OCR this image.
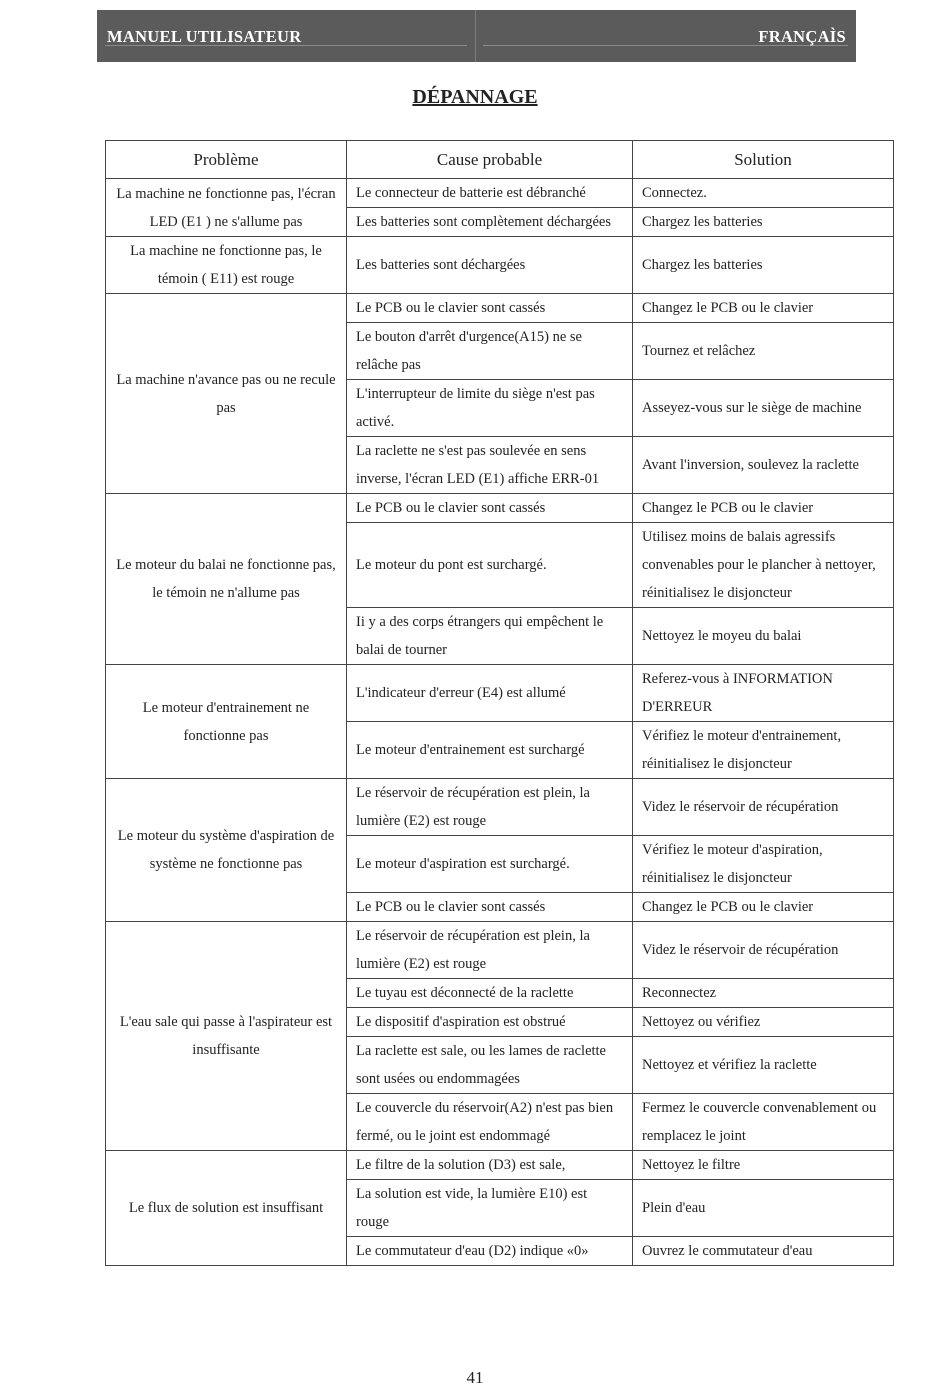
MANUEL UTILISATEUR	FRANÇAÌS
DÉPANNAGE
Problème	Cause probable	Solution
La machine ne fonctionne pas, l'écran LED (E1 ) ne s'allume pas	Le connecteur de batterie est débranché	Connectez.
	Les batteries sont complètement déchargées	Chargez les batteries
La machine ne fonctionne pas, le témoin ( E11) est rouge	Les batteries sont déchargées	Chargez les batteries
La machine n'avance pas ou ne recule pas	Le PCB ou le clavier sont cassés	Changez le PCB ou le clavier
	Le bouton d'arrêt d'urgence(A15) ne se relâche pas	Tournez et relâchez
	L'interrupteur de limite du siège n'est pas activé.	Asseyez-vous sur le siège de machine
	La raclette ne s'est pas soulevée en sens inverse, l'écran LED (E1) affiche ERR-01	Avant l'inversion, soulevez la raclette
Le moteur du balai ne fonctionne pas, le témoin ne n'allume pas	Le PCB ou le clavier sont cassés	Changez le PCB ou le clavier
	Le moteur du pont est surchargé.	Utilisez moins de balais agressifs convenables pour le plancher à nettoyer, réinitialisez le disjoncteur
	Ii y a des corps étrangers qui empêchent le balai de tourner	Nettoyez le moyeu du balai
Le moteur d'entrainement ne fonctionne pas	L'indicateur d'erreur (E4) est allumé	Referez-vous à INFORMATION D'ERREUR
	Le moteur d'entrainement est surchargé	Vérifiez le moteur d'entrainement, réinitialisez le disjoncteur
Le moteur du système d'aspiration de système ne fonctionne pas	Le réservoir de récupération est plein, la lumière (E2) est rouge	Videz le réservoir de récupération
	Le moteur d'aspiration est surchargé.	Vérifiez le moteur d'aspiration, réinitialisez le disjoncteur
	Le PCB ou le clavier sont cassés	Changez le PCB ou le clavier
L'eau sale qui passe à l'aspirateur est insuffisante	Le réservoir de récupération est plein, la lumière (E2) est rouge	Videz le réservoir de récupération
	Le tuyau est déconnecté de la raclette	Reconnectez
	Le dispositif d'aspiration est obstrué	Nettoyez ou vérifiez
	La raclette est sale, ou les lames de raclette sont usées ou endommagées	Nettoyez et vérifiez la raclette
	Le couvercle du réservoir(A2) n'est pas bien fermé, ou le joint est endommagé	Fermez le couvercle convenablement ou remplacez le joint
Le flux de solution est insuffisant	Le filtre de la solution (D3) est sale,	Nettoyez le filtre
	La solution est vide, la lumière E10) est rouge	Plein d'eau
	Le commutateur d'eau (D2) indique «0»	Ouvrez le commutateur d'eau
41
